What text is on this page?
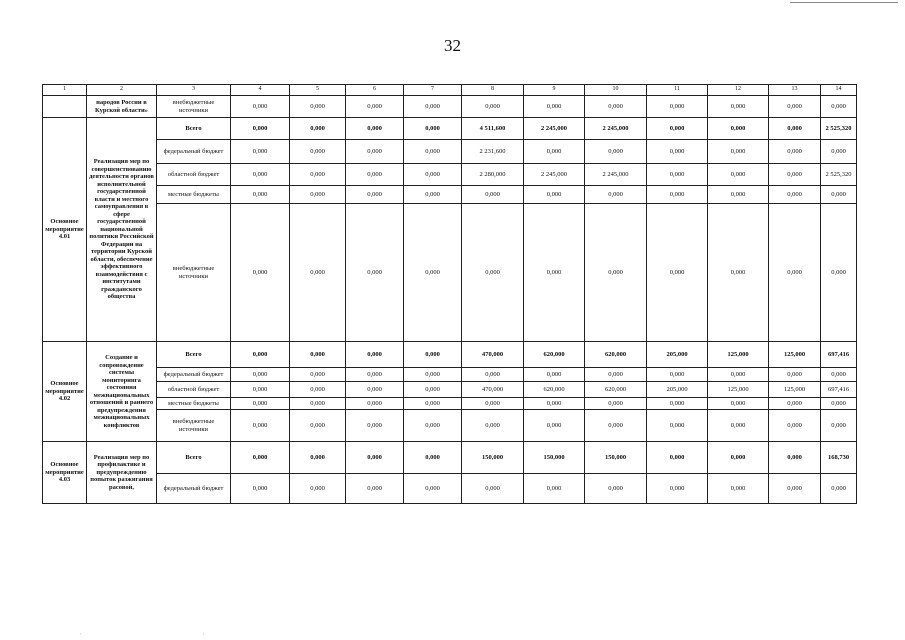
32
1	2	3	4	5	6	7	8	9	10	11	12	13	14
	народов России в Курской области»	внебюджетные источники	0,000	0,000	0,000	0,000	0,000	0,000	0,000	0,000	0,000	0,000	0,000
Основное мероприятие 4.01	Реализация мер по совершенствованию деятельности органов исполнительной государственной власти и местного самоуправления в сфере государственной национальной политики Российской Федерации на территории Курской области, обеспечение эффективного взаимодействия с институтами гражданского общества	Всего	0,000	0,000	0,000	0,000	4 511,600	2 245,000	2 245,000	0,000	0,000	0,000	2 525,320
		федеральный бюджет	0,000	0,000	0,000	0,000	2 231,600	0,000	0,000	0,000	0,000	0,000	0,000
		областной бюджет	0,000	0,000	0,000	0,000	2 280,000	2 245,000	2 245,000	0,000	0,000	0,000	2 525,320
		местные бюджеты	0,000	0,000	0,000	0,000	0,000	0,000	0,000	0,000	0,000	0,000	0,000
		внебюджетные источники	0,000	0,000	0,000	0,000	0,000	0,000	0,000	0,000	0,000	0,000	0,000
Основное мероприятие 4.02	Создание и сопровождение системы мониторинга состояния межнациональных отношений и раннего предупреждения межнациональных конфликтов	Всего	0,000	0,000	0,000	0,000	470,000	620,000	620,000	205,000	125,000	125,000	697,416
		федеральный бюджет	0,000	0,000	0,000	0,000	0,000	0,000	0,000	0,000	0,000	0,000	0,000
		областной бюджет	0,000	0,000	0,000	0,000	470,000	620,000	620,000	205,000	125,000	125,000	697,416
		местные бюджеты	0,000	0,000	0,000	0,000	0,000	0,000	0,000	0,000	0,000	0,000	0,000
		внебюджетные источники	0,000	0,000	0,000	0,000	0,000	0,000	0,000	0,000	0,000	0,000	0,000
Основное мероприятие 4.03	Реализация мер по профилактике и предупреждению попыток разжигания расовой,	Всего	0,000	0,000	0,000	0,000	150,000	150,000	150,000	0,000	0,000	0,000	168,730
		федеральный бюджет	0,000	0,000	0,000	0,000	0,000	0,000	0,000	0,000	0,000	0,000	0,000
' '
